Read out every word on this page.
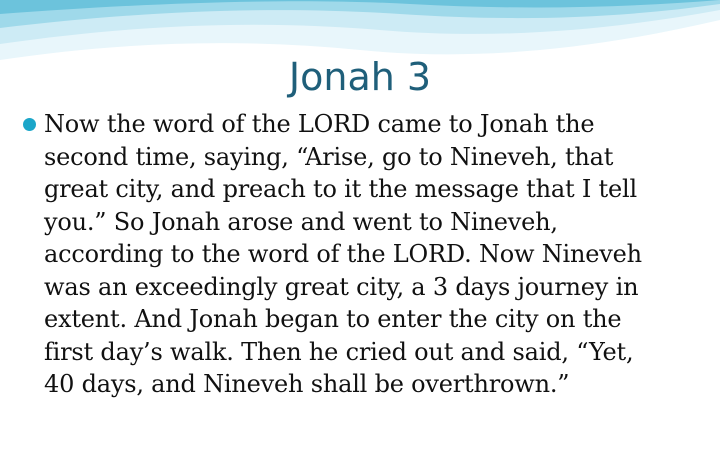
Jonah 3

Now the word of the LORD came to Jonah the
second time, saying, “Arise, go to Nineveh, that
great city, and preach to it the message that I tell
you.” So Jonah arose and went to Nineveh,
according to the word of the LORD. Now Nineveh
was an exceedingly great city, a 3 days journey in
extent. And Jonah began to enter the city on the
first day’s walk. Then he cried out and said, “Yet,
40 days, and Nineveh shall be overthrown.”
